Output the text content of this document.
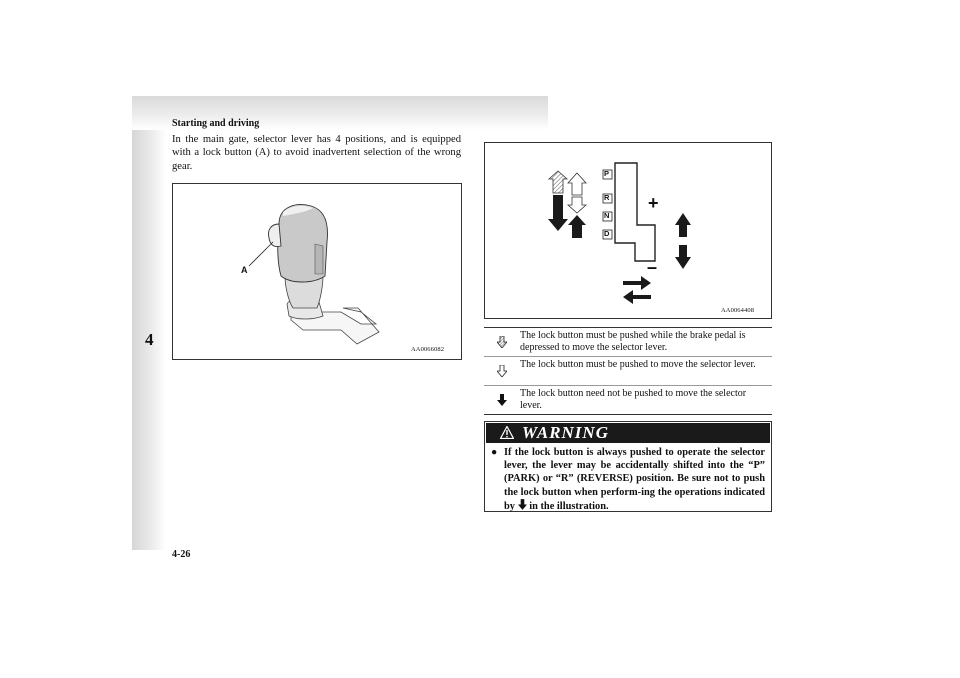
Starting and driving
4
In the main gate, selector lever has 4 positions, and is equipped with a lock button (A) to avoid inadvertent selection of the wrong gear.
A
AA0066082
P
R
N
D
+
–
AA0064408
The lock button must be pushed while the brake pedal is depressed to move the selector lever.
The lock button must be pushed to move the selector lever.
The lock button need not be pushed to move the selector lever.
WARNING
● If the lock button is always pushed to operate the selector lever, the lever may be accidentally shifted into the “P” (PARK) or “R” (REVERSE) position. Be sure not to push the lock button when perform-ing the operations indicated by in the illustration.
4-26
